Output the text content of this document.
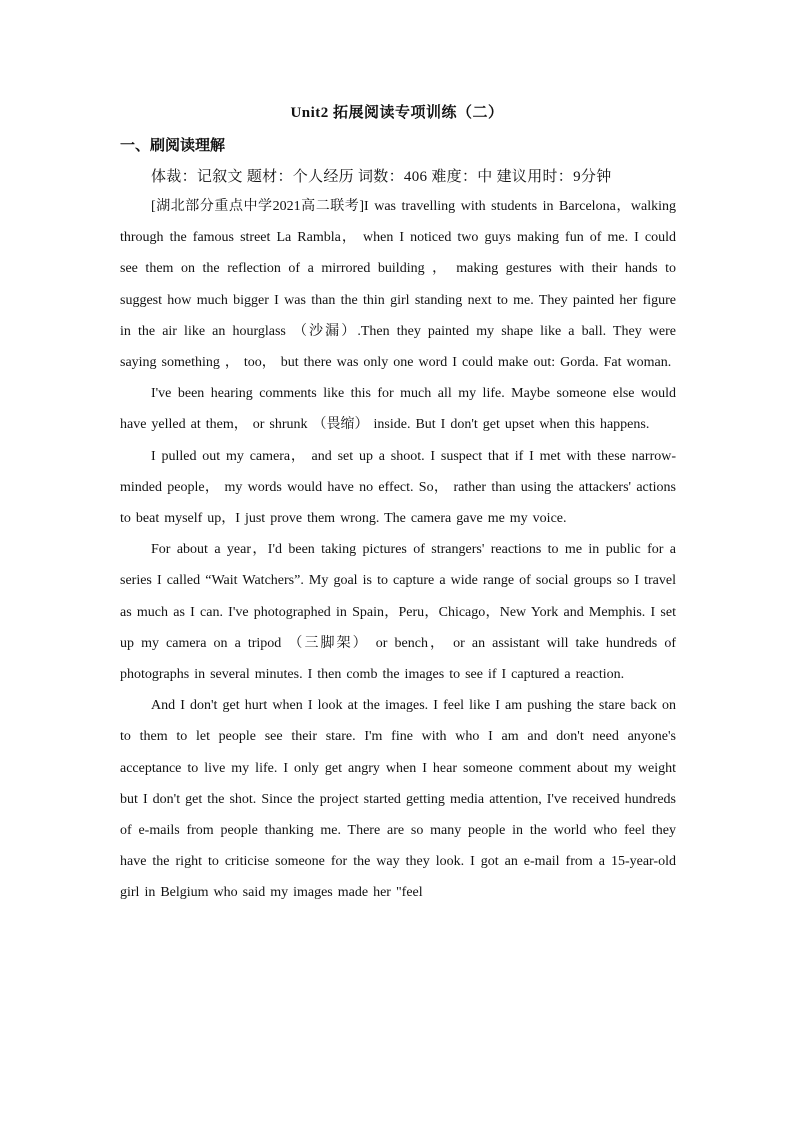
Unit2 拓展阅读专项训练（二）
一、刷阅读理解
体裁：记叙文 题材：个人经历 词数：406 难度：中 建议用时：9分钟

[湖北部分重点中学2021高二联考]I was travelling with students in Barcelona，walking through the famous street La Rambla， when I noticed two guys making fun of me. I could see them on the reflection of a mirrored building ， making gestures with their hands to suggest how much bigger I was than the thin girl standing next to me. They painted her figure in the air like an hourglass （沙漏）.Then they painted my shape like a ball. They were saying something ， too， but there was only one word I could make out: Gorda. Fat woman.

I've been hearing comments like this for much all my life. Maybe someone else would have yelled at them， or shrunk （畏缩） inside. But I don't get upset when this happens.

I pulled out my camera， and set up a shoot. I suspect that if I met with these narrow-minded people， my words would have no effect. So， rather than using the attackers' actions to beat myself up，I just prove them wrong. The camera gave me my voice.

For about a year，I'd been taking pictures of strangers' reactions to me in public for a series I called “Wait Watchers”. My goal is to capture a wide range of social groups so I travel as much as I can. I've photographed in Spain，Peru，Chicago，New York and Memphis. I set up my camera on a tripod （三脚架） or bench， or an assistant will take hundreds of photographs in several minutes. I then comb the images to see if I captured a reaction.

And I don't get hurt when I look at the images. I feel like I am pushing the stare back on to them to let people see their stare. I'm fine with who I am and don't need anyone's acceptance to live my life. I only get angry when I hear someone comment about my weight but I don't get the shot. Since the project started getting media attention, I've received hundreds of e-mails from people thanking me. There are so many people in the world who feel they have the right to criticise someone for the way they look. I got an e-mail from a 15-year-old girl in Belgium who said my images made her "feel
